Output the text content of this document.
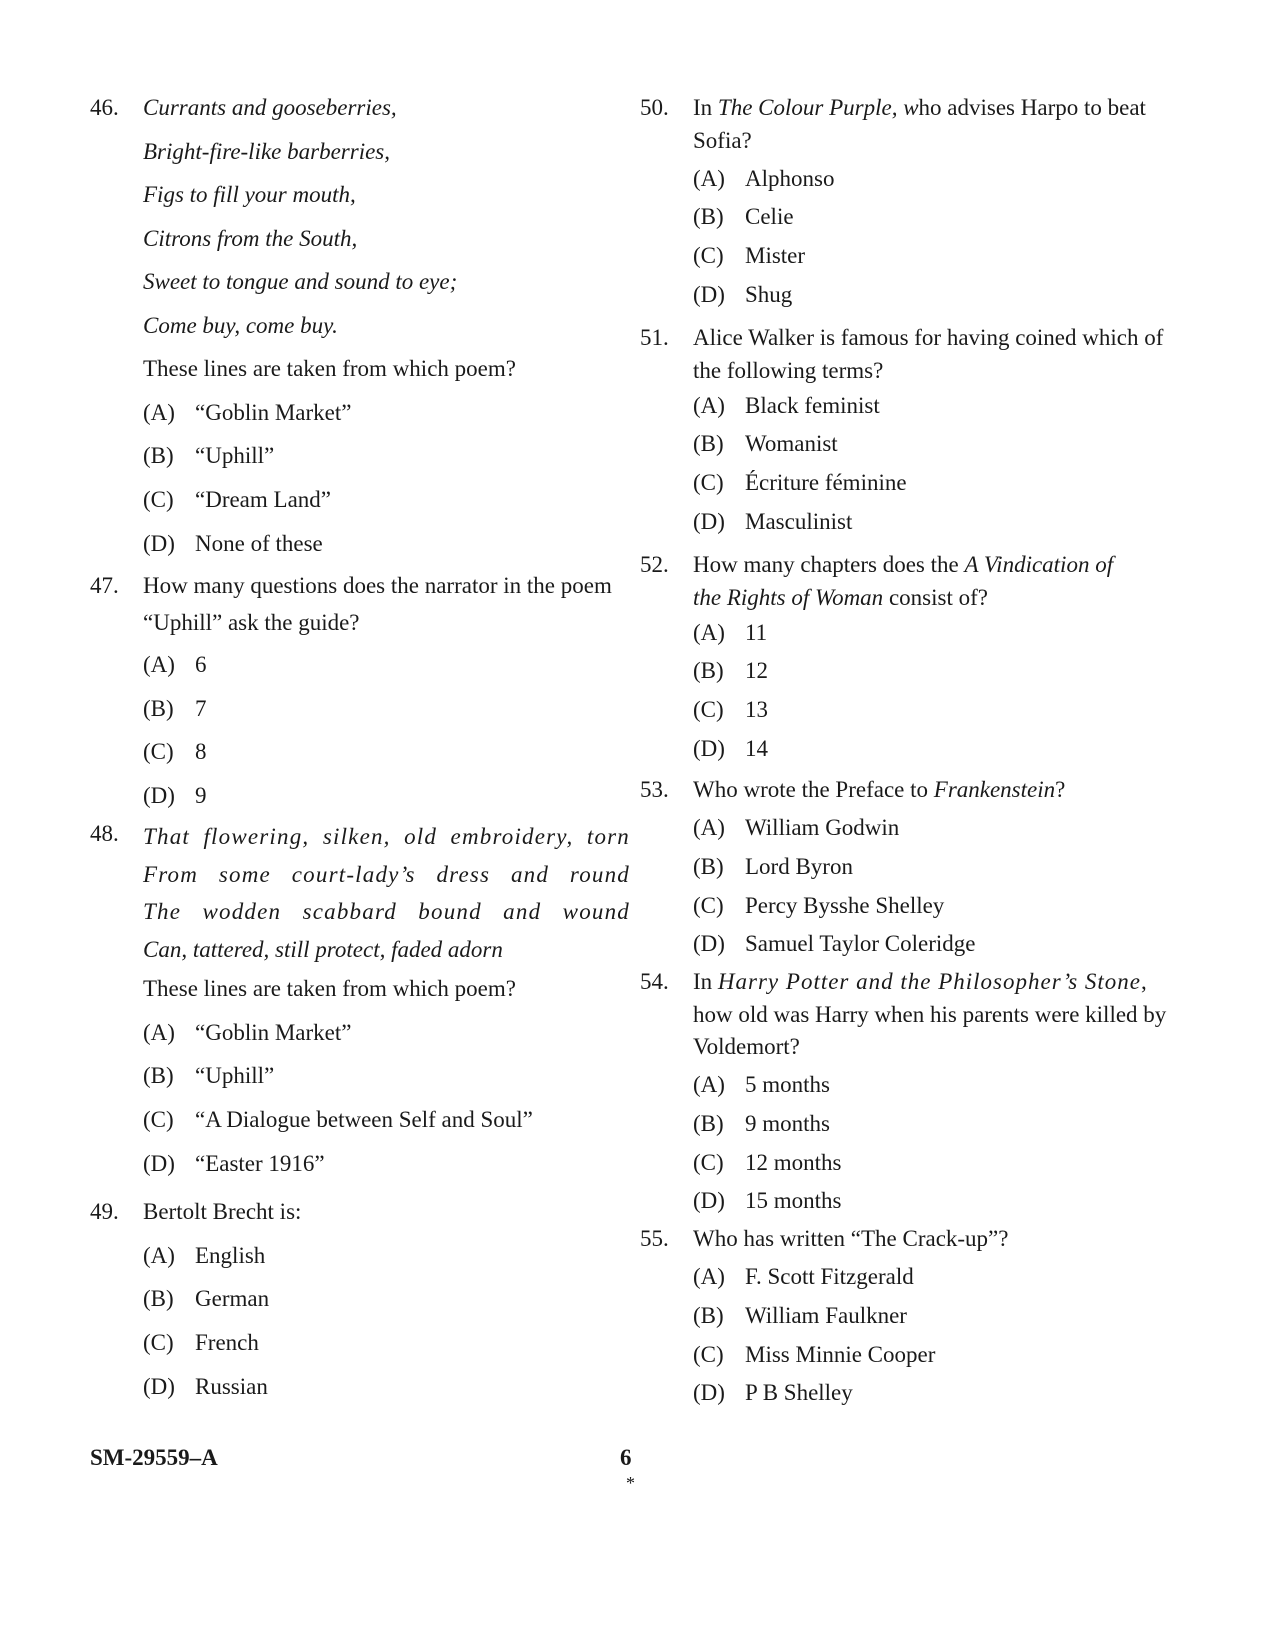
46. Currants and gooseberries,
Bright-fire-like barberries,
Figs to fill your mouth,
Citrons from the South,
Sweet to tongue and sound to eye;
Come buy, come buy.
These lines are taken from which poem?
(A) “Goblin Market”
(B) “Uphill”
(C) “Dream Land”
(D) None of these
47. How many questions does the narrator in the poem
“Uphill” ask the guide?
(A) 6
(B) 7
(C) 8
(D) 9
48. That flowering, silken, old embroidery, torn
From some court-lady’s dress and round
The wodden scabbard bound and wound
Can, tattered, still protect, faded adorn
These lines are taken from which poem?
(A) “Goblin Market”
(B) “Uphill”
(C) “A Dialogue between Self and Soul”
(D) “Easter 1916”
49. Bertolt Brecht is:
(A) English
(B) German
(C) French
(D) Russian
50. In The Colour Purple, who advises Harpo to beat
Sofia?
(A) Alphonso
(B) Celie
(C) Mister
(D) Shug
51. Alice Walker is famous for having coined which of
the following terms?
(A) Black feminist
(B) Womanist
(C) Écriture féminine
(D) Masculinist
52. How many chapters does the A Vindication of
the Rights of Woman consist of?
(A) 11
(B) 12
(C) 13
(D) 14
53. Who wrote the Preface to Frankenstein?
(A) William Godwin
(B) Lord Byron
(C) Percy Bysshe Shelley
(D) Samuel Taylor Coleridge
54. In Harry Potter and the Philosopher’s Stone,
how old was Harry when his parents were killed by
Voldemort?
(A) 5 months
(B) 9 months
(C) 12 months
(D) 15 months
55. Who has written “The Crack-up”?
(A) F. Scott Fitzgerald
(B) William Faulkner
(C) Miss Minnie Cooper
(D) P B Shelley
SM-29559–A	6
*
